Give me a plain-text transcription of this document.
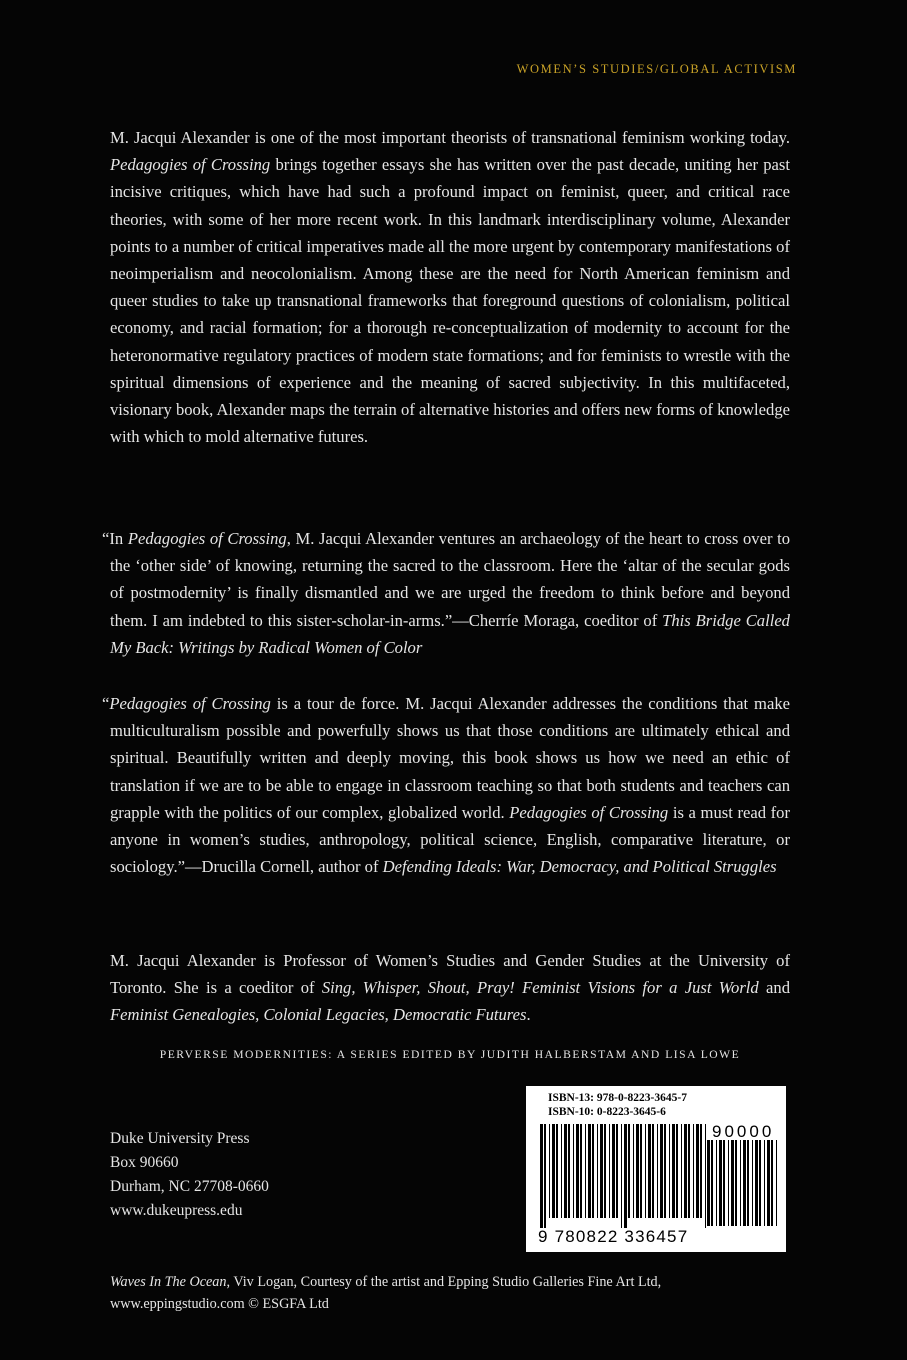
WOMEN’S STUDIES/GLOBAL ACTIVISM

M. Jacqui Alexander is one of the most important theorists of transnational feminism working today. Pedagogies of Crossing brings together essays she has written over the past decade, uniting her past incisive critiques, which have had such a profound impact on feminist, queer, and critical race theories, with some of her more recent work. In this landmark interdisciplinary volume, Alexander points to a number of critical imperatives made all the more urgent by contemporary manifestations of neoimperialism and neocolonialism. Among these are the need for North American feminism and queer studies to take up transnational frameworks that foreground questions of colonialism, political economy, and racial formation; for a thorough re-conceptualization of modernity to account for the heteronormative regulatory practices of modern state formations; and for feminists to wrestle with the spiritual dimensions of experience and the meaning of sacred subjectivity. In this multifaceted, visionary book, Alexander maps the terrain of alternative histories and offers new forms of knowledge with which to mold alternative futures.

“In Pedagogies of Crossing, M. Jacqui Alexander ventures an archaeology of the heart to cross over to the ‘other side’ of knowing, returning the sacred to the classroom. Here the ‘altar of the secular gods of postmodernity’ is finally dismantled and we are urged the freedom to think before and beyond them. I am indebted to this sister-scholar-in-arms.”—Cherríe Moraga, coeditor of This Bridge Called My Back: Writings by Radical Women of Color

“Pedagogies of Crossing is a tour de force. M. Jacqui Alexander addresses the conditions that make multiculturalism possible and powerfully shows us that those conditions are ultimately ethical and spiritual. Beautifully written and deeply moving, this book shows us how we need an ethic of translation if we are to be able to engage in classroom teaching so that both students and teachers can grapple with the politics of our complex, globalized world. Pedagogies of Crossing is a must read for anyone in women’s studies, anthropology, political science, English, comparative literature, or sociology.”—Drucilla Cornell, author of Defending Ideals: War, Democracy, and Political Struggles

M. Jacqui Alexander is Professor of Women’s Studies and Gender Studies at the University of Toronto. She is a coeditor of Sing, Whisper, Shout, Pray! Feminist Visions for a Just World and Feminist Genealogies, Colonial Legacies, Democratic Futures.

PERVERSE MODERNITIES: A SERIES EDITED BY JUDITH HALBERSTAM AND LISA LOWE
Duke University Press
Box 90660
Durham, NC 27708-0660
www.dukeupress.edu
ISBN-13: 978-0-8223-3645-7
ISBN-10: 0-8223-3645-6
90000
9 780822 336457
Waves In The Ocean, Viv Logan, Courtesy of the artist and Epping Studio Galleries Fine Art Ltd,
www.eppingstudio.com © ESGFA Ltd
